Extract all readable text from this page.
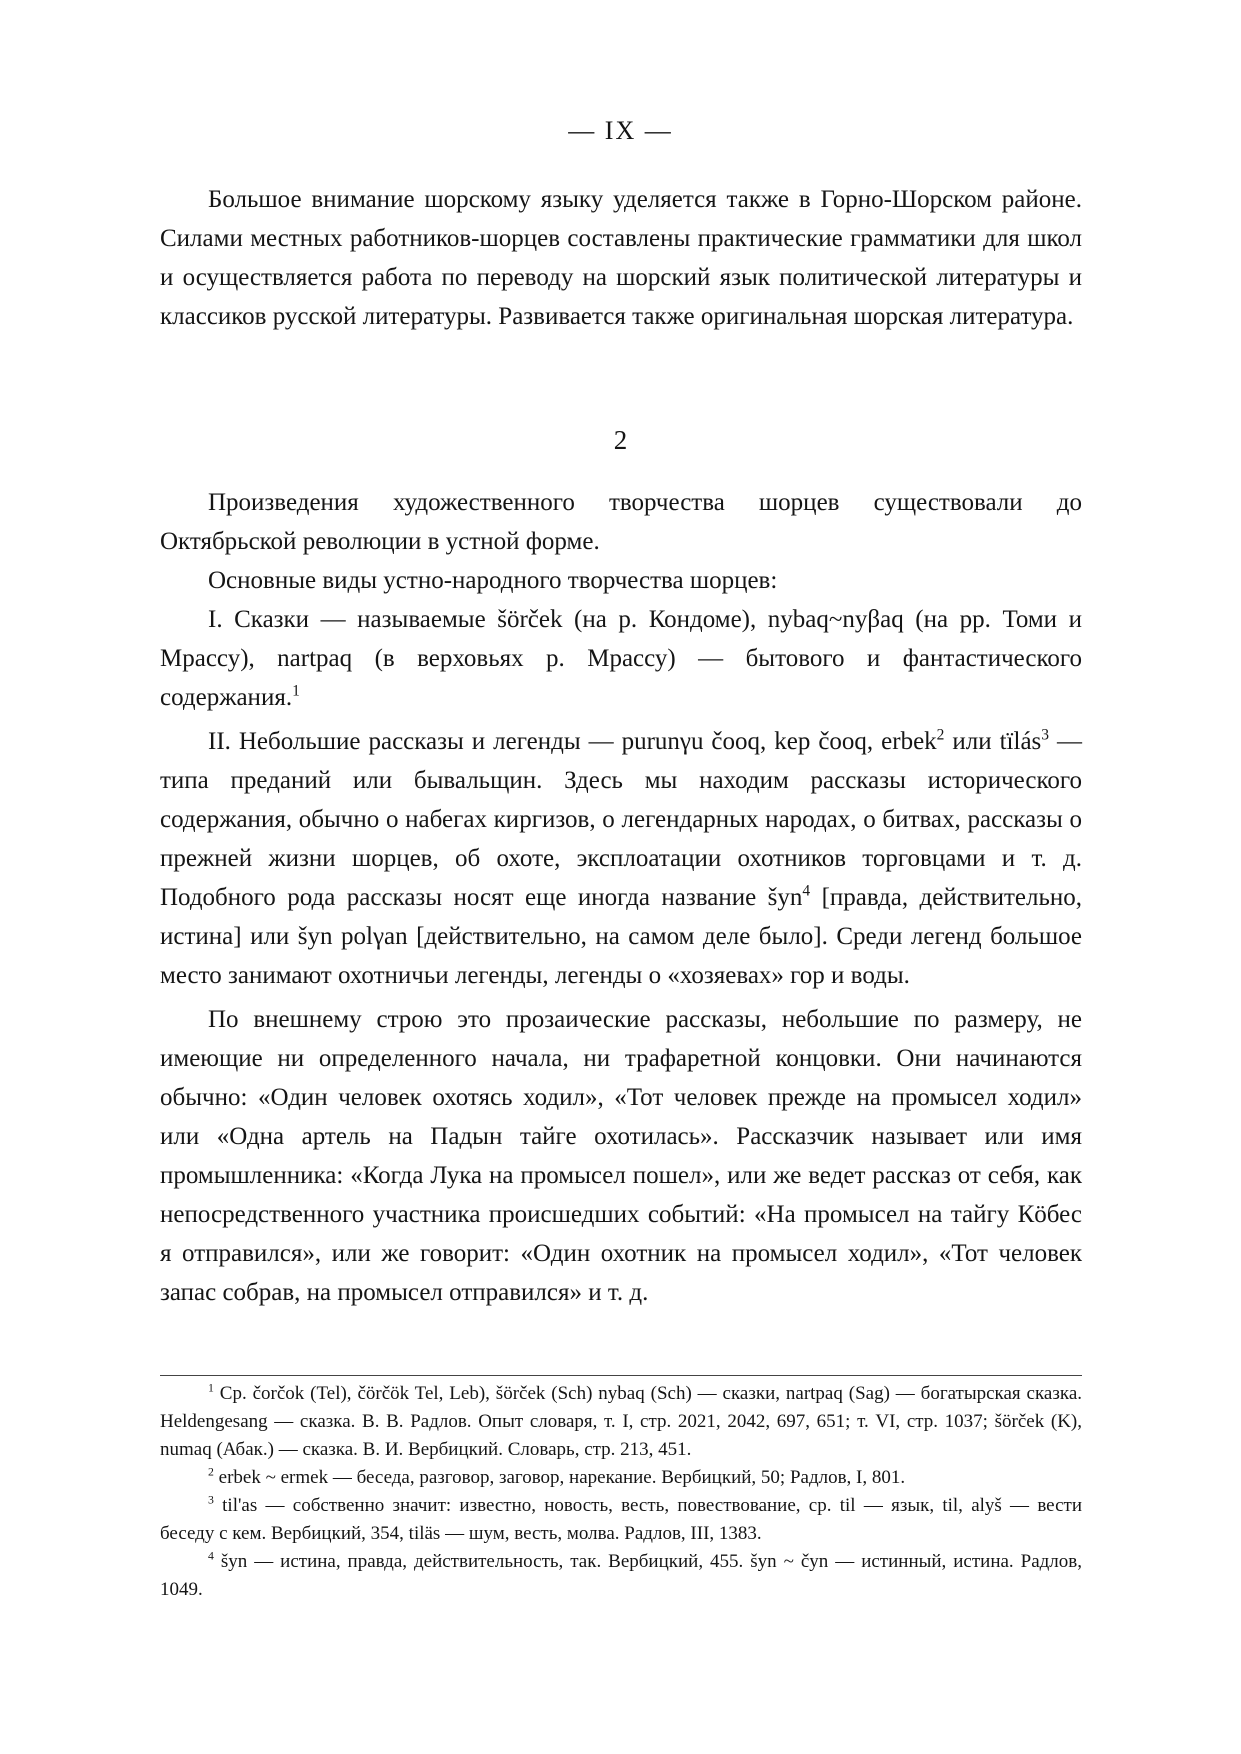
— IX —

Большое внимание шорскому языку уделяется также в Горно-Шорском районе. Силами местных работников-шорцев составлены практические грамматики для школ и осуществляется работа по переводу на шорский язык политической литературы и классиков русской литературы. Развивается также оригинальная шорская литература.

2

Произведения художественного творчества шорцев существовали до Октябрьской революции в устной форме.

Основные виды устно-народного творчества шорцев:

I. Сказки — называемые šörčеk (на р. Кондоме), nybaq~nyβaq (на рр. Томи и Мрассу), nartpaq (в верховьях р. Мрассу) — бытового и фантастического содержания.$^1$

II. Небольшие рассказы и легенды — purunγu čooq, kep čooq, erbek$^2$ или tïlás$^3$ — типа преданий или бывальщин. Здесь мы находим рассказы исторического содержания, обычно о набегах киргизов, о легендарных народах, о битвах, рассказы о прежней жизни шорцев, об охоте, эксплоатации охотников торговцами и т. д. Подобного рода рассказы носят еще иногда название šyn$^4$ [правда, действительно, истина] или šyn polγan [действительно, на самом деле было]. Среди легенд большое место занимают охотничьи легенды, легенды о «хозяевах» гор и воды.

По внешнему строю это прозаические рассказы, небольшие по размеру, не имеющие ни определенного начала, ни трафаретной концовки. Они начинаются обычно: «Один человек охотясь ходил», «Тот человек прежде на промысел ходил» или «Одна артель на Падын тайге охотилась». Рассказчик называет или имя промышленника: «Когда Лука на промысел пошел», или же ведет рассказ от себя, как непосредственного участника происшедших событий: «На промысел на тайгу Кöбес я отправился», или же говорит: «Один охотник на промысел ходил», «Тот человек запас собрав, на промысел отправился» и т. д.

$^1$ Ср. čorčok (Tel), čörčök Tel, Leb), šörčеk (Sch) nybaq (Sch) — сказки, nartpaq (Sag) — богатырская сказка. Heldengesang — сказка. В. В. Радлов. Опыт словаря, т. I, стр. 2021, 2042, 697, 651; т. VI, стр. 1037; šörčеk (K), numaq (Абак.) — сказка. В. И. Вербицкий. Словарь, стр. 213, 451.

$^2$ erbek ~ ermek — беседа, разговор, заговор, нарекание. Вербицкий, 50; Радлов, I, 801.

$^3$ til'as — собственно значит: известно, новость, весть, повествование, ср. til — язык, til, alyš — вести беседу с кем. Вербицкий, 354, tiläs — шум, весть, молва. Радлов, III, 1383.

$^4$ šyn — истина, правда, действительность, так. Вербицкий, 455. šyn ~ čyn — истинный, истина. Радлов, 1049.
